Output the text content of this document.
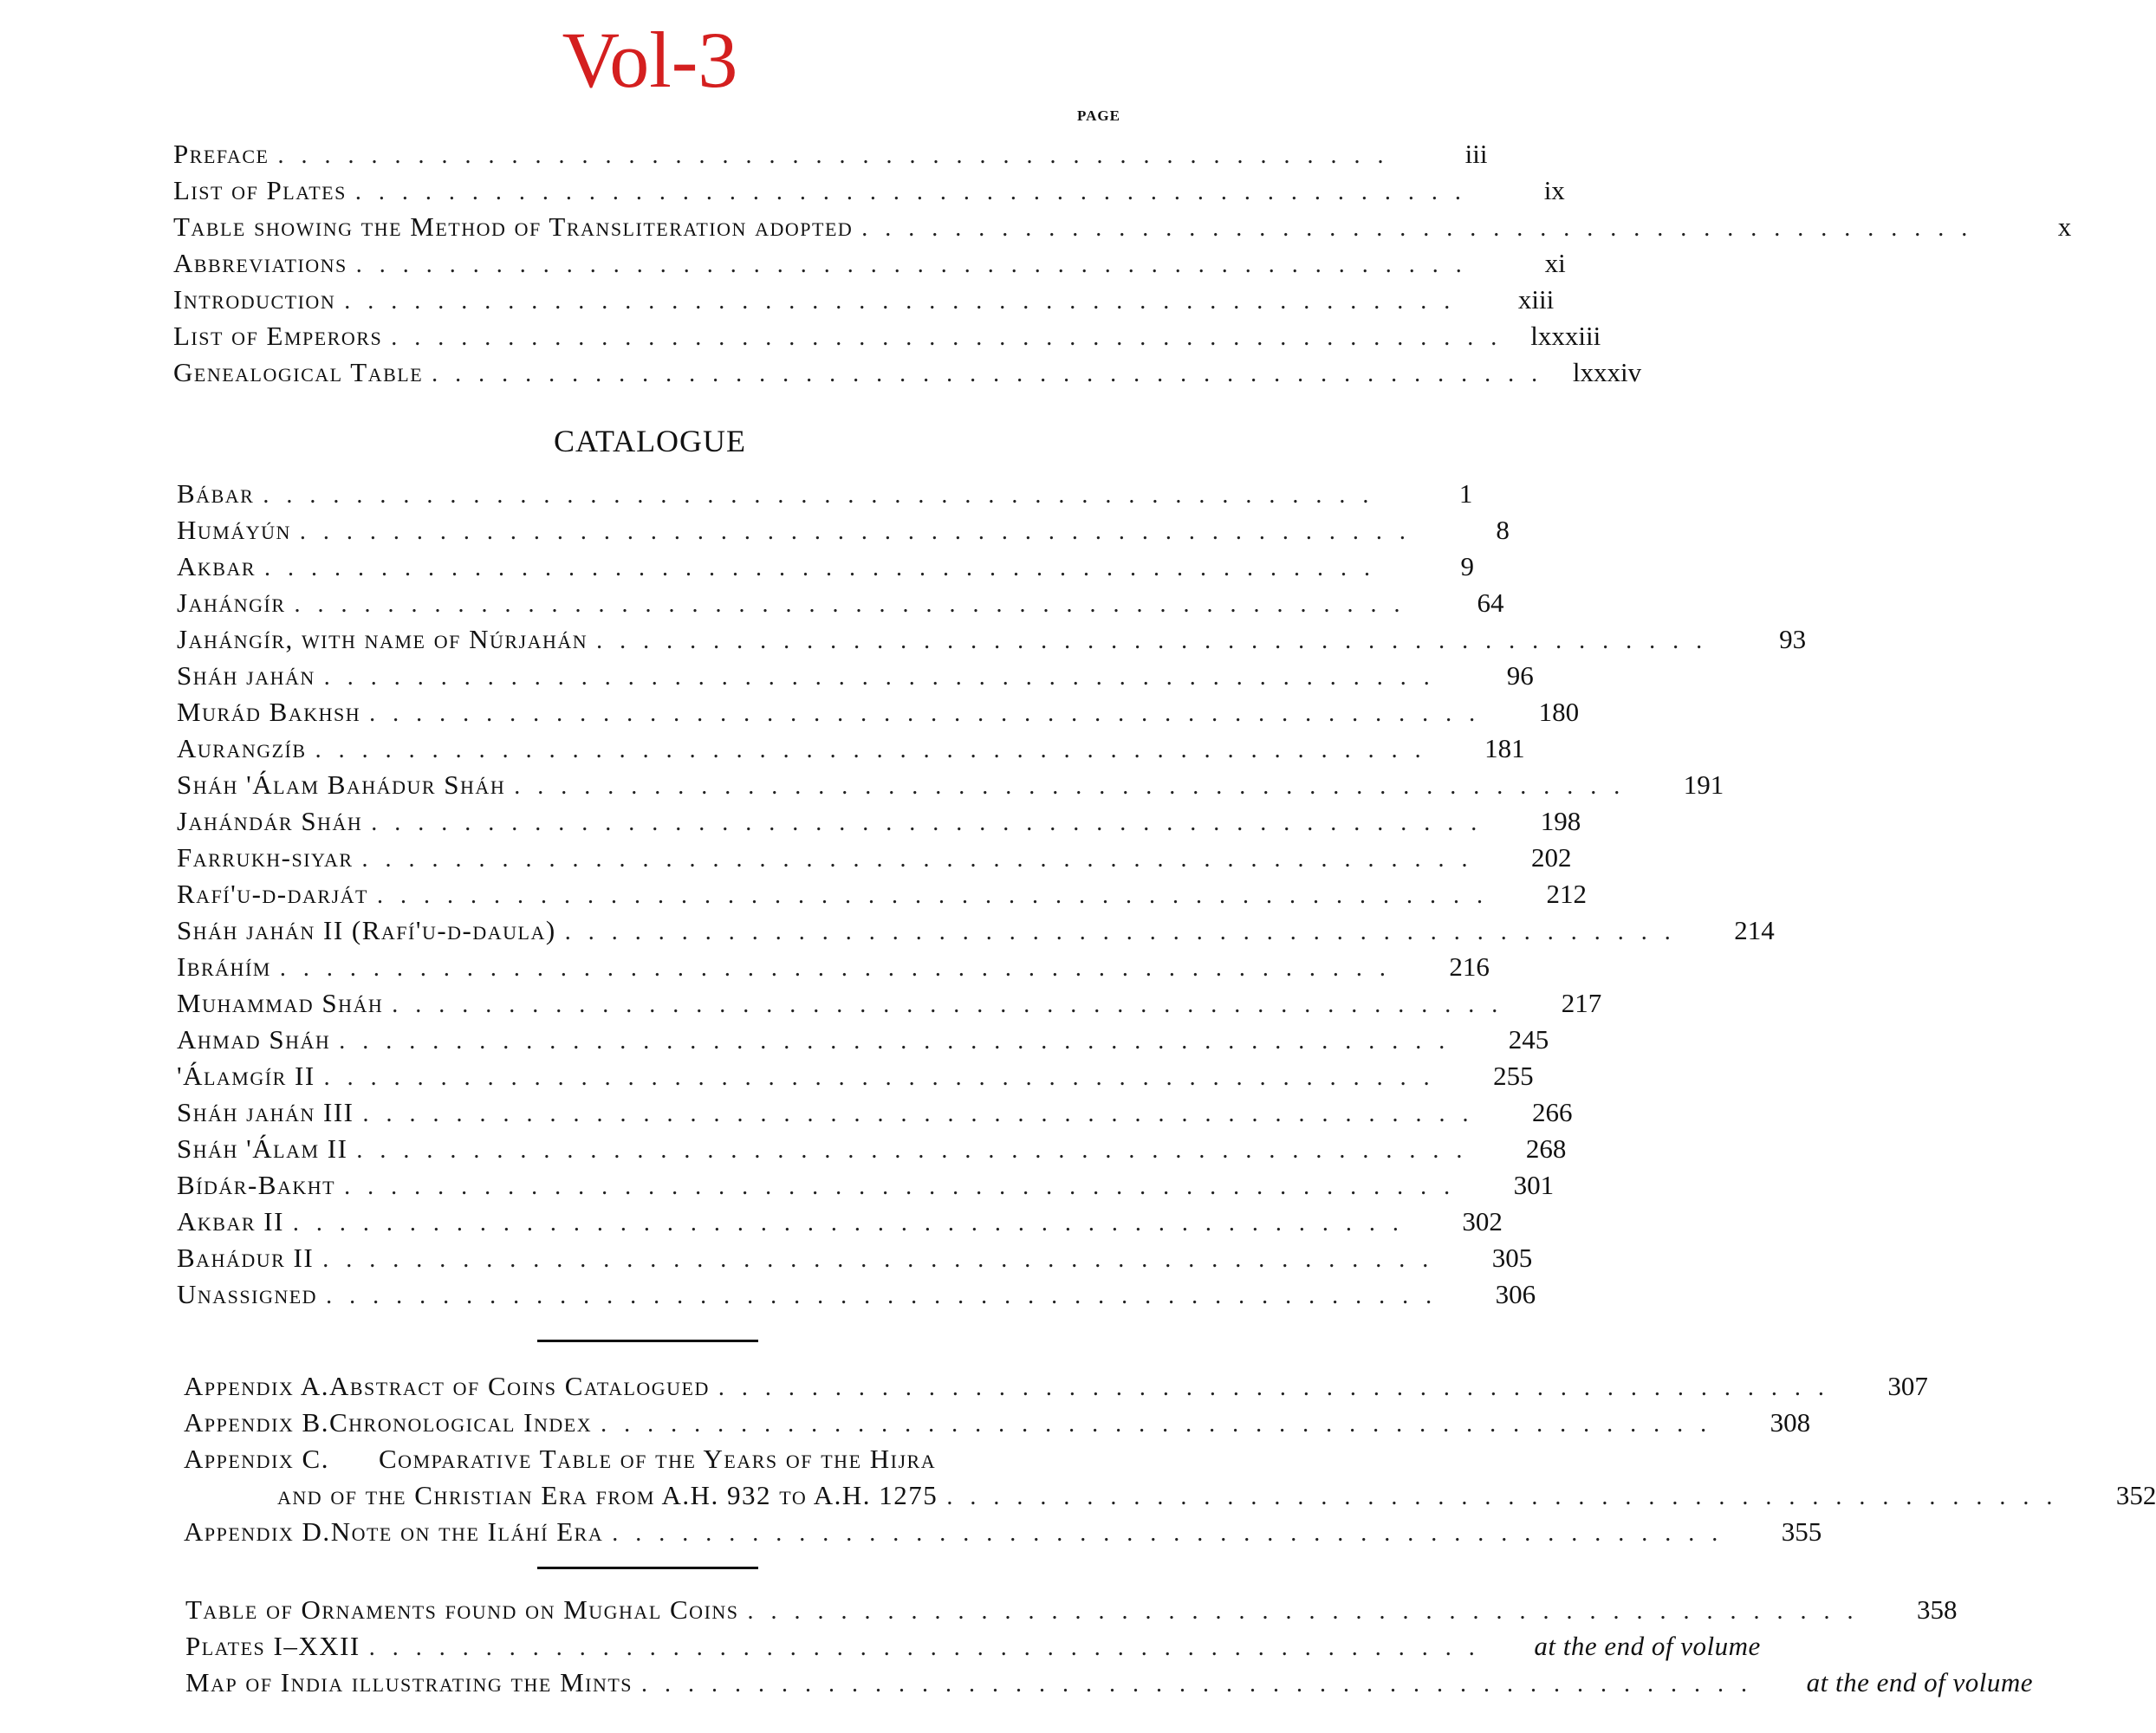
Vol-3
PAGE
Preface ................................................	iii
List of Plates ................................................	ix
Table showing the Method of Transliteration adopted ................................................	x
Abbreviations ................................................	xi
Introduction ................................................	xiii
List of Emperors ................................................ lxxxiii
Genealogical Table ................................................ lxxxiv
CATALOGUE
Bábar ................................................	1
Humáyún ................................................	8
Akbar ................................................	9
Jahángír ................................................	64
Jahángír, with name of Núrjahán ................................................	93
Sháh jahán ................................................	96
Murád Bakhsh ................................................	180
Aurangzíb ................................................	181
Sháh 'Álam Bahádur Sháh ................................................	191
Jahándár Sháh ................................................	198
Farrukh-siyar ................................................	202
Rafí'u-d-darját ................................................	212
Sháh jahán II (Rafí'u-d-daula) ................................................	214
Ibráhím ................................................	216
Muhammad Sháh ................................................	217
Ahmad Sháh ................................................	245
'Álamgír II ................................................	255
Sháh jahán III ................................................	266
Sháh 'Álam II ................................................	268
Bídár-Bakht ................................................	301
Akbar II ................................................	302
Bahádur II ................................................	305
Unassigned ................................................	306
Appendix A. Abstract of Coins Catalogued ................................................	307
Appendix B. Chronological Index ................................................	308
Appendix C. Comparative Table of the Years of the Hijra
and of the Christian Era from A.H. 932 to A.H. 1275 ................................................	352
Appendix D. Note on the Iláhí Era ................................................	355
Table of Ornaments found on Mughal Coins ................................................	358
Plates I–XXII ................................................	at the end of volume
Map of India illustrating the Mints ................................................	at the end of volume
